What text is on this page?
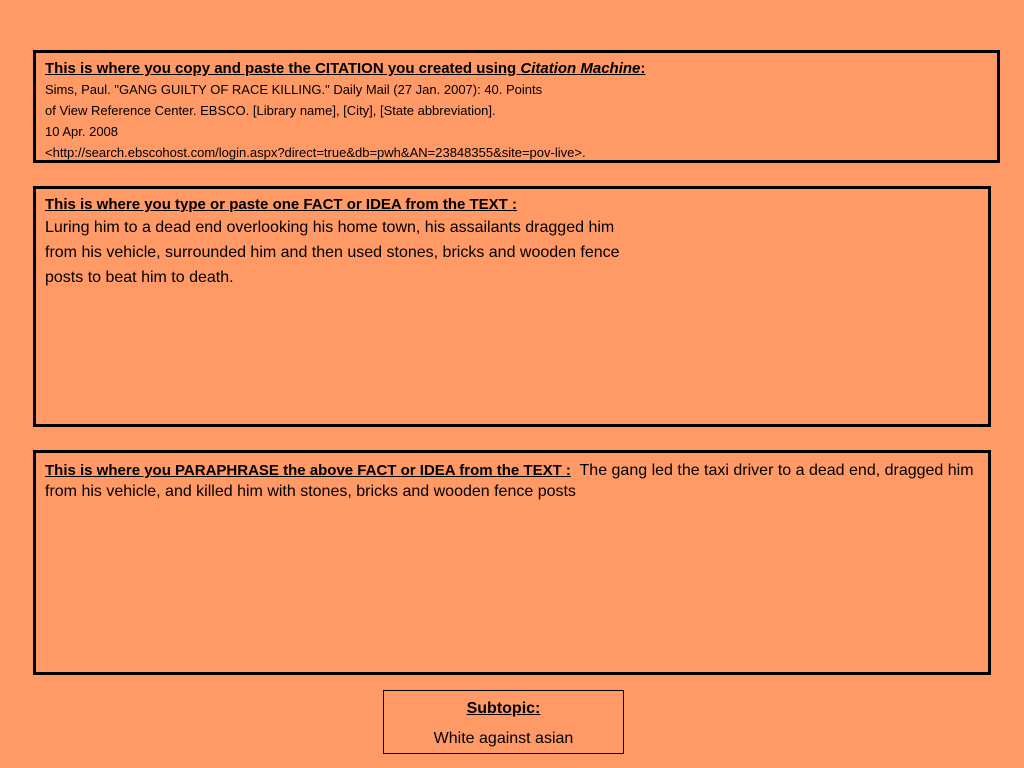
This is where you copy and paste the CITATION you created using Citation Machine:
Sims, Paul. "GANG GUILTY OF RACE KILLING." Daily Mail (27 Jan. 2007): 40. Points
of View Reference Center. EBSCO. [Library name], [City], [State abbreviation].
10 Apr. 2008
<http://search.ebscohost.com/login.aspx?direct=true&db=pwh&AN=23848355&site=pov-live>.
This is where you type or paste one FACT or IDEA from the TEXT :
Luring him to a dead end overlooking his home town, his assailants dragged him
from his vehicle, surrounded him and then used stones, bricks and wooden fence
posts to beat him to death.
This is where you PARAPHRASE the above FACT or IDEA from the TEXT : The gang led the taxi driver to a dead end, dragged him from his vehicle, and killed him with stones, bricks and wooden fence posts
Subtopic:
White against asian
